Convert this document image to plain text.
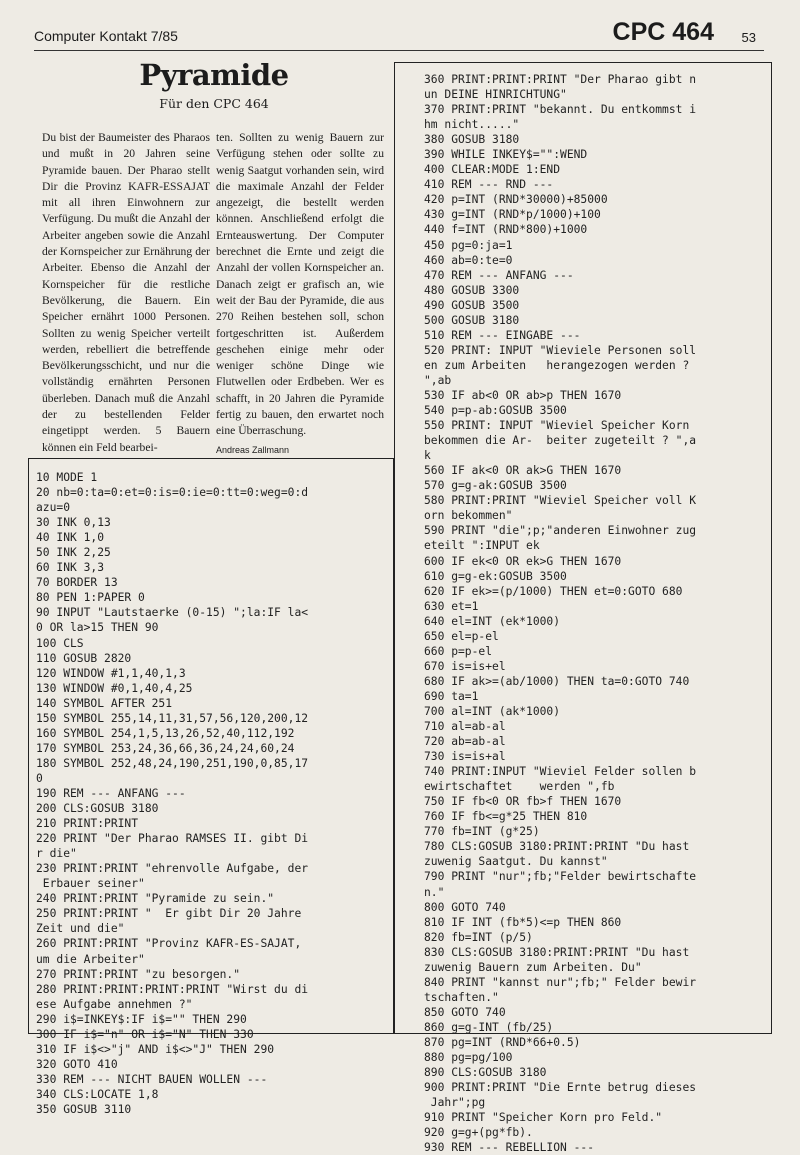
Computer Kontakt 7/85	CPC 464 53
Pyramide
Für den CPC 464

Du bist der Baumeister des Pharaos und mußt in 20 Jahren seine Pyramide bauen. Der Pharao stellt Dir die Provinz KAFR-ESSAJAT mit all ihren Einwohnern zur Verfügung. Du mußt die Anzahl der Arbeiter angeben sowie die Anzahl der Kornspeicher zur Ernährung der Arbeiter. Ebenso die Anzahl der Kornspeicher für die restliche Bevölkerung, die Bauern. Ein Speicher ernährt 1000 Personen. Sollten zu wenig Speicher verteilt werden, rebelliert die betreffende Bevölkerungsschicht, und nur die vollständig ernährten Personen überleben. Danach muß die Anzahl der zu bestellenden Felder eingetippt werden. 5 Bauern können ein Feld bearbei-

ten. Sollten zu wenig Bauern zur Verfügung stehen oder sollte zu wenig Saatgut vorhanden sein, wird die maximale Anzahl der Felder angezeigt, die bestellt werden können. Anschließend erfolgt die Ernteauswertung. Der Computer berechnet die Ernte und zeigt die Anzahl der vollen Kornspeicher an. Danach zeigt er grafisch an, wie weit der Bau der Pyramide, die aus 270 Reihen bestehen soll, schon fortgeschritten ist. Außerdem geschehen einige mehr oder weniger schöne Dinge wie Flutwellen oder Erdbeben. Wer es schafft, in 20 Jahren die Pyramide fertig zu bauen, den erwartet noch eine Überraschung.

Andreas Zallmann
360 PRINT:PRINT:PRINT "Der Pharao gibt n
un DEINE HINRICHTUNG"
370 PRINT:PRINT "bekannt. Du entkommst i
hm nicht....."
380 GOSUB 3180
390 WHILE INKEY$="":WEND
400 CLEAR:MODE 1:END
410 REM --- RND ---
420 p=INT (RND*30000)+85000
430 g=INT (RND*p/1000)+100
440 f=INT (RND*800)+1000
450 pg=0:ja=1
460 ab=0:te=0
470 REM --- ANFANG ---
480 GOSUB 3300
490 GOSUB 3500
500 GOSUB 3180
510 REM --- EINGABE ---
520 PRINT: INPUT "Wieviele Personen soll
en zum Arbeiten   herangezogen werden ?
",ab
530 IF ab<0 OR ab>p THEN 1670
540 p=p-ab:GOSUB 3500
550 PRINT: INPUT "Wieviel Speicher Korn
bekommen die Ar-  beiter zugeteilt ? ",a
k
560 IF ak<0 OR ak>G THEN 1670
570 g=g-ak:GOSUB 3500
580 PRINT:PRINT "Wieviel Speicher voll K
orn bekommen"
590 PRINT "die";p;"anderen Einwohner zug
eteilt ":INPUT ek
600 IF ek<0 OR ek>G THEN 1670
610 g=g-ek:GOSUB 3500
620 IF ek>=(p/1000) THEN et=0:GOTO 680
630 et=1
640 el=INT (ek*1000)
650 el=p-el
660 p=p-el
670 is=is+el
680 IF ak>=(ab/1000) THEN ta=0:GOTO 740
690 ta=1
700 al=INT (ak*1000)
710 al=ab-al
720 ab=ab-al
730 is=is+al
740 PRINT:INPUT "Wieviel Felder sollen b
ewirtschaftet    werden ",fb
750 IF fb<0 OR fb>f THEN 1670
760 IF fb<=g*25 THEN 810
770 fb=INT (g*25)
780 CLS:GOSUB 3180:PRINT:PRINT "Du hast
zuwenig Saatgut. Du kannst"
790 PRINT "nur";fb;"Felder bewirtschafte
n."
800 GOTO 740
810 IF INT (fb*5)<=p THEN 860
820 fb=INT (p/5)
830 CLS:GOSUB 3180:PRINT:PRINT "Du hast
zuwenig Bauern zum Arbeiten. Du"
840 PRINT "kannst nur";fb;" Felder bewir
tschaften."
850 GOTO 740
860 g=g-INT (fb/25)
870 pg=INT (RND*66+0.5)
880 pg=pg/100
890 CLS:GOSUB 3180
900 PRINT:PRINT "Die Ernte betrug dieses
Jahr";pg
910 PRINT "Speicher Korn pro Feld."
920 g=g+(pg*fb).
930 REM --- REBELLION ---
10 MODE 1
20 nb=0:ta=0:et=0:is=0:ie=0:tt=0:weg=0:d
azu=0
30 INK 0,13
40 INK 1,0
50 INK 2,25
60 INK 3,3
70 BORDER 13
80 PEN 1:PAPER 0
90 INPUT "Lautstaerke (0-15) ";la:IF la<
0 OR la>15 THEN 90
100 CLS
110 GOSUB 2820
120 WINDOW #1,1,40,1,3
130 WINDOW #0,1,40,4,25
140 SYMBOL AFTER 251
150 SYMBOL 255,14,11,31,57,56,120,200,12
160 SYMBOL 254,1,5,13,26,52,40,112,192
170 SYMBOL 253,24,36,66,36,24,24,60,24
180 SYMBOL 252,48,24,190,251,190,0,85,17
0
190 REM --- ANFANG ---
200 CLS:GOSUB 3180
210 PRINT:PRINT
220 PRINT "Der Pharao RAMSES II. gibt Di
r die"
230 PRINT:PRINT "ehrenvolle Aufgabe, der
Erbauer seiner"
240 PRINT:PRINT "Pyramide zu sein."
250 PRINT:PRINT "  Er gibt Dir 20 Jahre
Zeit und die"
260 PRINT:PRINT "Provinz KAFR-ES-SAJAT,
um die Arbeiter"
270 PRINT:PRINT "zu besorgen."
280 PRINT:PRINT:PRINT:PRINT "Wirst du di
ese Aufgabe annehmen ?"
290 i$=INKEY$:IF i$="" THEN 290
300 IF i$="n" OR i$="N" THEN 330
310 IF i$<>"j" AND i$<>"J" THEN 290
320 GOTO 410
330 REM --- NICHT BAUEN WOLLEN ---
340 CLS:LOCATE 1,8
350 GOSUB 3110
